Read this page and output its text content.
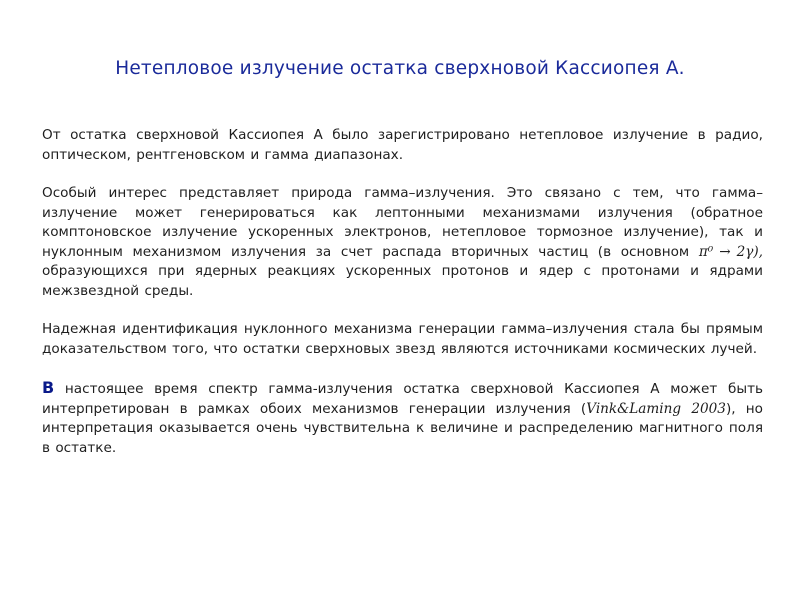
Нетепловое излучение остатка сверхновой Кассиопея А.

От остатка сверхновой Кассиопея А было зарегистрировано нетепловое излучение в радио, оптическом, рентгеновском и гамма диапазонах.

Особый интерес представляет природа гамма–излучения. Это связано с тем, что гамма–излучение может генерироваться как лептонными механизмами излучения (обратное комптоновское излучение ускоренных электронов, нетепловое тормозное излучение), так и нуклонным механизмом излучения за счет распада вторичных частиц (в основном π⁰ → 2γ), образующихся при ядерных реакциях ускоренных протонов и ядер с протонами и ядрами межзвездной среды.

Надежная идентификация нуклонного механизма генерации гамма–излучения стала бы прямым доказательством того, что остатки сверхновых звезд являются источниками космических лучей.

В настоящее время спектр гамма-излучения остатка сверхновой Кассиопея А может быть интерпретирован в рамках обоих механизмов генерации излучения (Vink&Laming 2003), но интерпретация оказывается очень чувствительна к величине и распределению магнитного поля в остатке.
